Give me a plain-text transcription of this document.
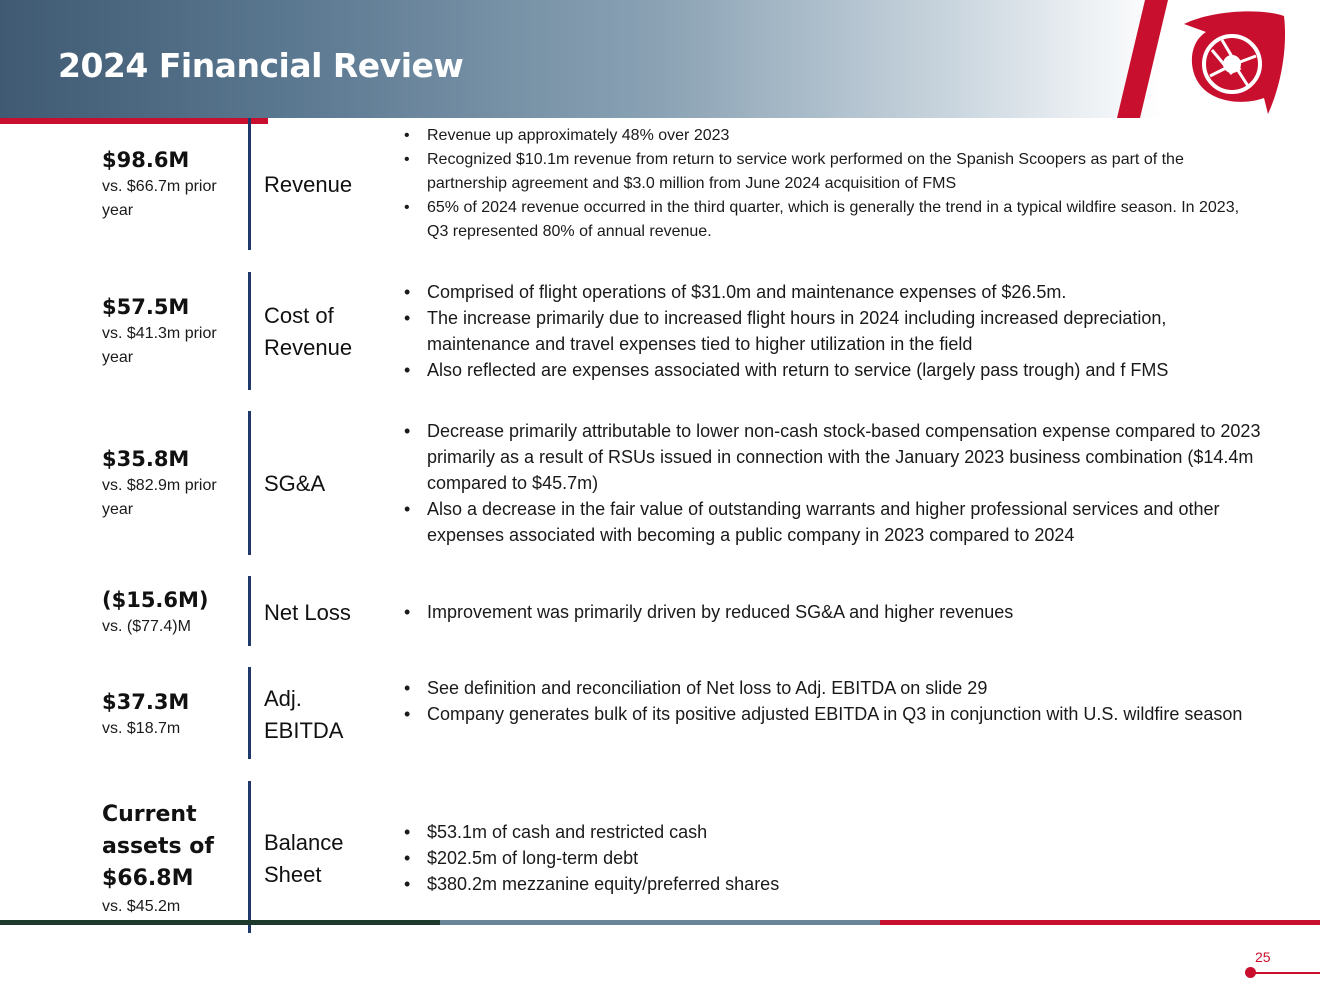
2024 Financial Review
$98.6M
vs. $66.7m prior year
Revenue
• Revenue up approximately 48% over 2023
• Recognized $10.1m revenue from return to service work performed on the Spanish Scoopers as part of the partnership agreement and $3.0 million from June 2024 acquisition of FMS
• 65% of 2024 revenue occurred in the third quarter, which is generally the trend in a typical wildfire season. In 2023, Q3 represented 80% of annual revenue.
$57.5M
vs. $41.3m prior year
Cost of Revenue
• Comprised of flight operations of $31.0m and maintenance expenses of $26.5m.
• The increase primarily due to increased flight hours in 2024 including increased depreciation, maintenance and travel expenses tied to higher utilization in the field
• Also reflected are expenses associated with return to service (largely pass trough) and f FMS
$35.8M
vs. $82.9m prior year
SG&A
• Decrease primarily attributable to lower non-cash stock-based compensation expense compared to 2023 primarily as a result of RSUs issued in connection with the January 2023 business combination ($14.4m compared to $45.7m)
• Also a decrease in the fair value of outstanding warrants and higher professional services and other expenses associated with becoming a public company in 2023 compared to 2024
($15.6M)
vs. ($77.4)M
Net Loss
•	Improvement was primarily driven by reduced SG&A and higher revenues
$37.3M
vs. $18.7m
Adj. EBITDA
• See definition and reconciliation of Net loss to Adj. EBITDA on slide 29
• Company generates bulk of its positive adjusted EBITDA in Q3 in conjunction with U.S. wildfire season
Current assets of $66.8M
vs. $45.2m
Balance Sheet
• $53.1m of cash and restricted cash
• $202.5m of long-term debt
• $380.2m mezzanine equity/preferred shares
25
